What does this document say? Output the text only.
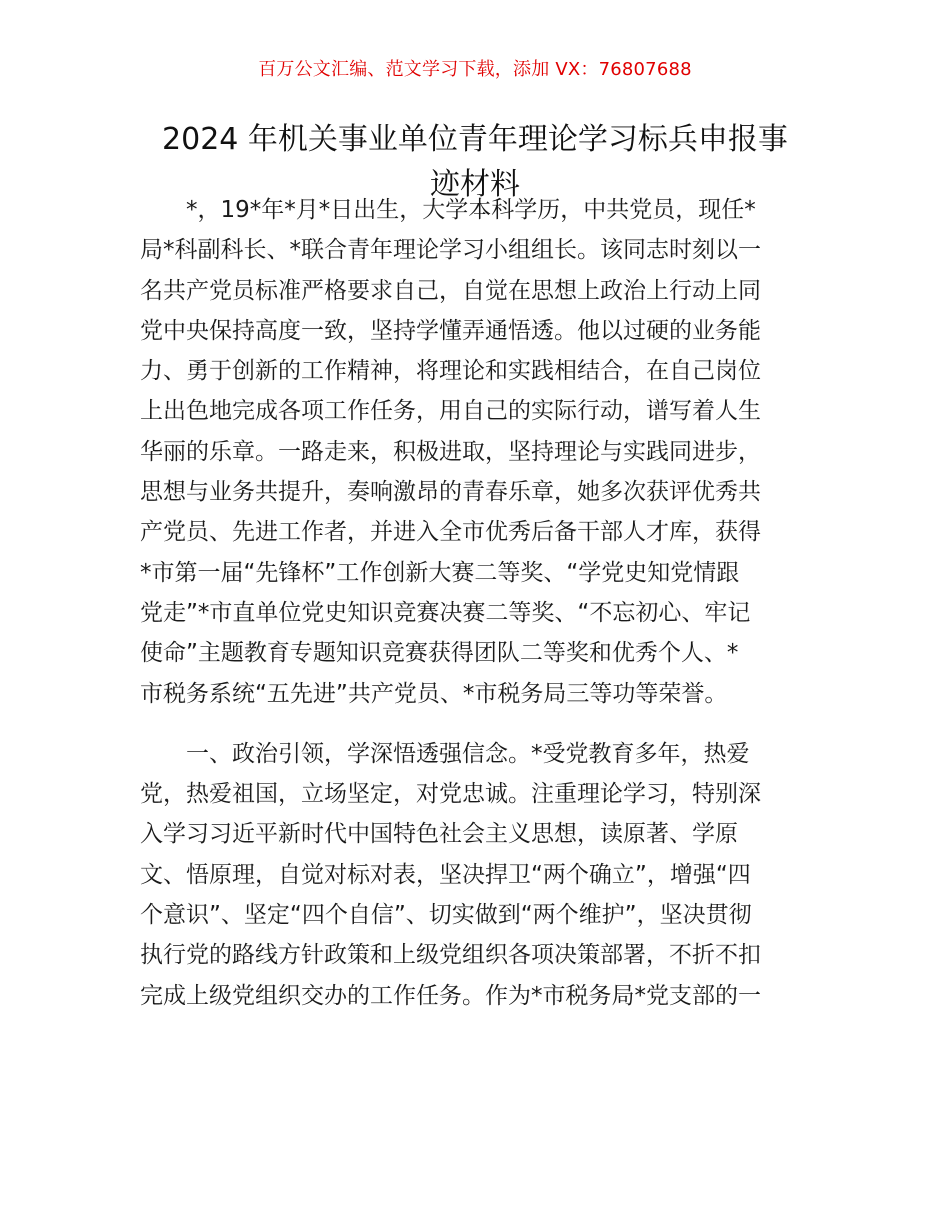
百万公文汇编、范文学习下载，添加 VX：76807688
2024 年机关事业单位青年理论学习标兵申报事
迹材料

*，19*年*月*日出生，大学本科学历，中共党员，现任*
局*科副科长、*联合青年理论学习小组组长。该同志时刻以一
名共产党员标准严格要求自己，自觉在思想上政治上行动上同
党中央保持高度一致，坚持学懂弄通悟透。他以过硬的业务能
力、勇于创新的工作精神，将理论和实践相结合，在自己岗位
上出色地完成各项工作任务，用自己的实际行动，谱写着人生
华丽的乐章。一路走来，积极进取，坚持理论与实践同进步，
思想与业务共提升，奏响激昂的青春乐章，她多次获评优秀共
产党员、先进工作者，并进入全市优秀后备干部人才库，获得
*市第一届“先锋杯”工作创新大赛二等奖、“学党史知党情跟
党走”*市直单位党史知识竞赛决赛二等奖、“不忘初心、牢记
使命”主题教育专题知识竞赛获得团队二等奖和优秀个人、*
市税务系统“五先进”共产党员、*市税务局三等功等荣誉。

一、政治引领，学深悟透强信念。*受党教育多年，热爱
党，热爱祖国，立场坚定，对党忠诚。注重理论学习，特别深
入学习习近平新时代中国特色社会主义思想，读原著、学原
文、悟原理，自觉对标对表，坚决捍卫“两个确立”，增强“四
个意识”、坚定“四个自信”、切实做到“两个维护”，坚决贯彻
执行党的路线方针政策和上级党组织各项决策部署，不折不扣
完成上级党组织交办的工作任务。作为*市税务局*党支部的一
